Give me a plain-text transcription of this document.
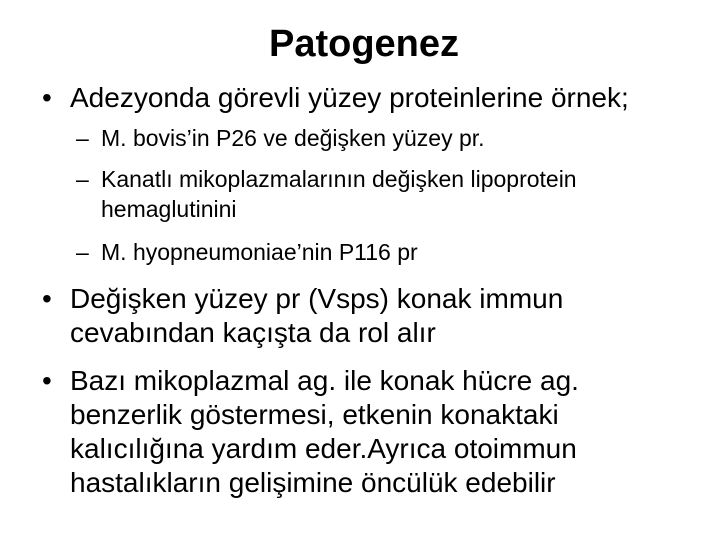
Patogenez
• Adezyonda görevli yüzey proteinlerine örnek;
– M. bovis’in P26 ve değişken yüzey pr.
– Kanatlı mikoplazmalarının değişken lipoprotein
hemaglutinini
– M. hyopneumoniae’nin P116 pr
• Değişken yüzey pr (Vsps) konak immun
cevabından kaçışta da rol alır
• Bazı mikoplazmal ag. ile konak hücre ag.
benzerlik göstermesi, etkenin konaktaki
kalıcılığına yardım eder.Ayrıca otoimmun
hastalıkların gelişimine öncülük edebilir
